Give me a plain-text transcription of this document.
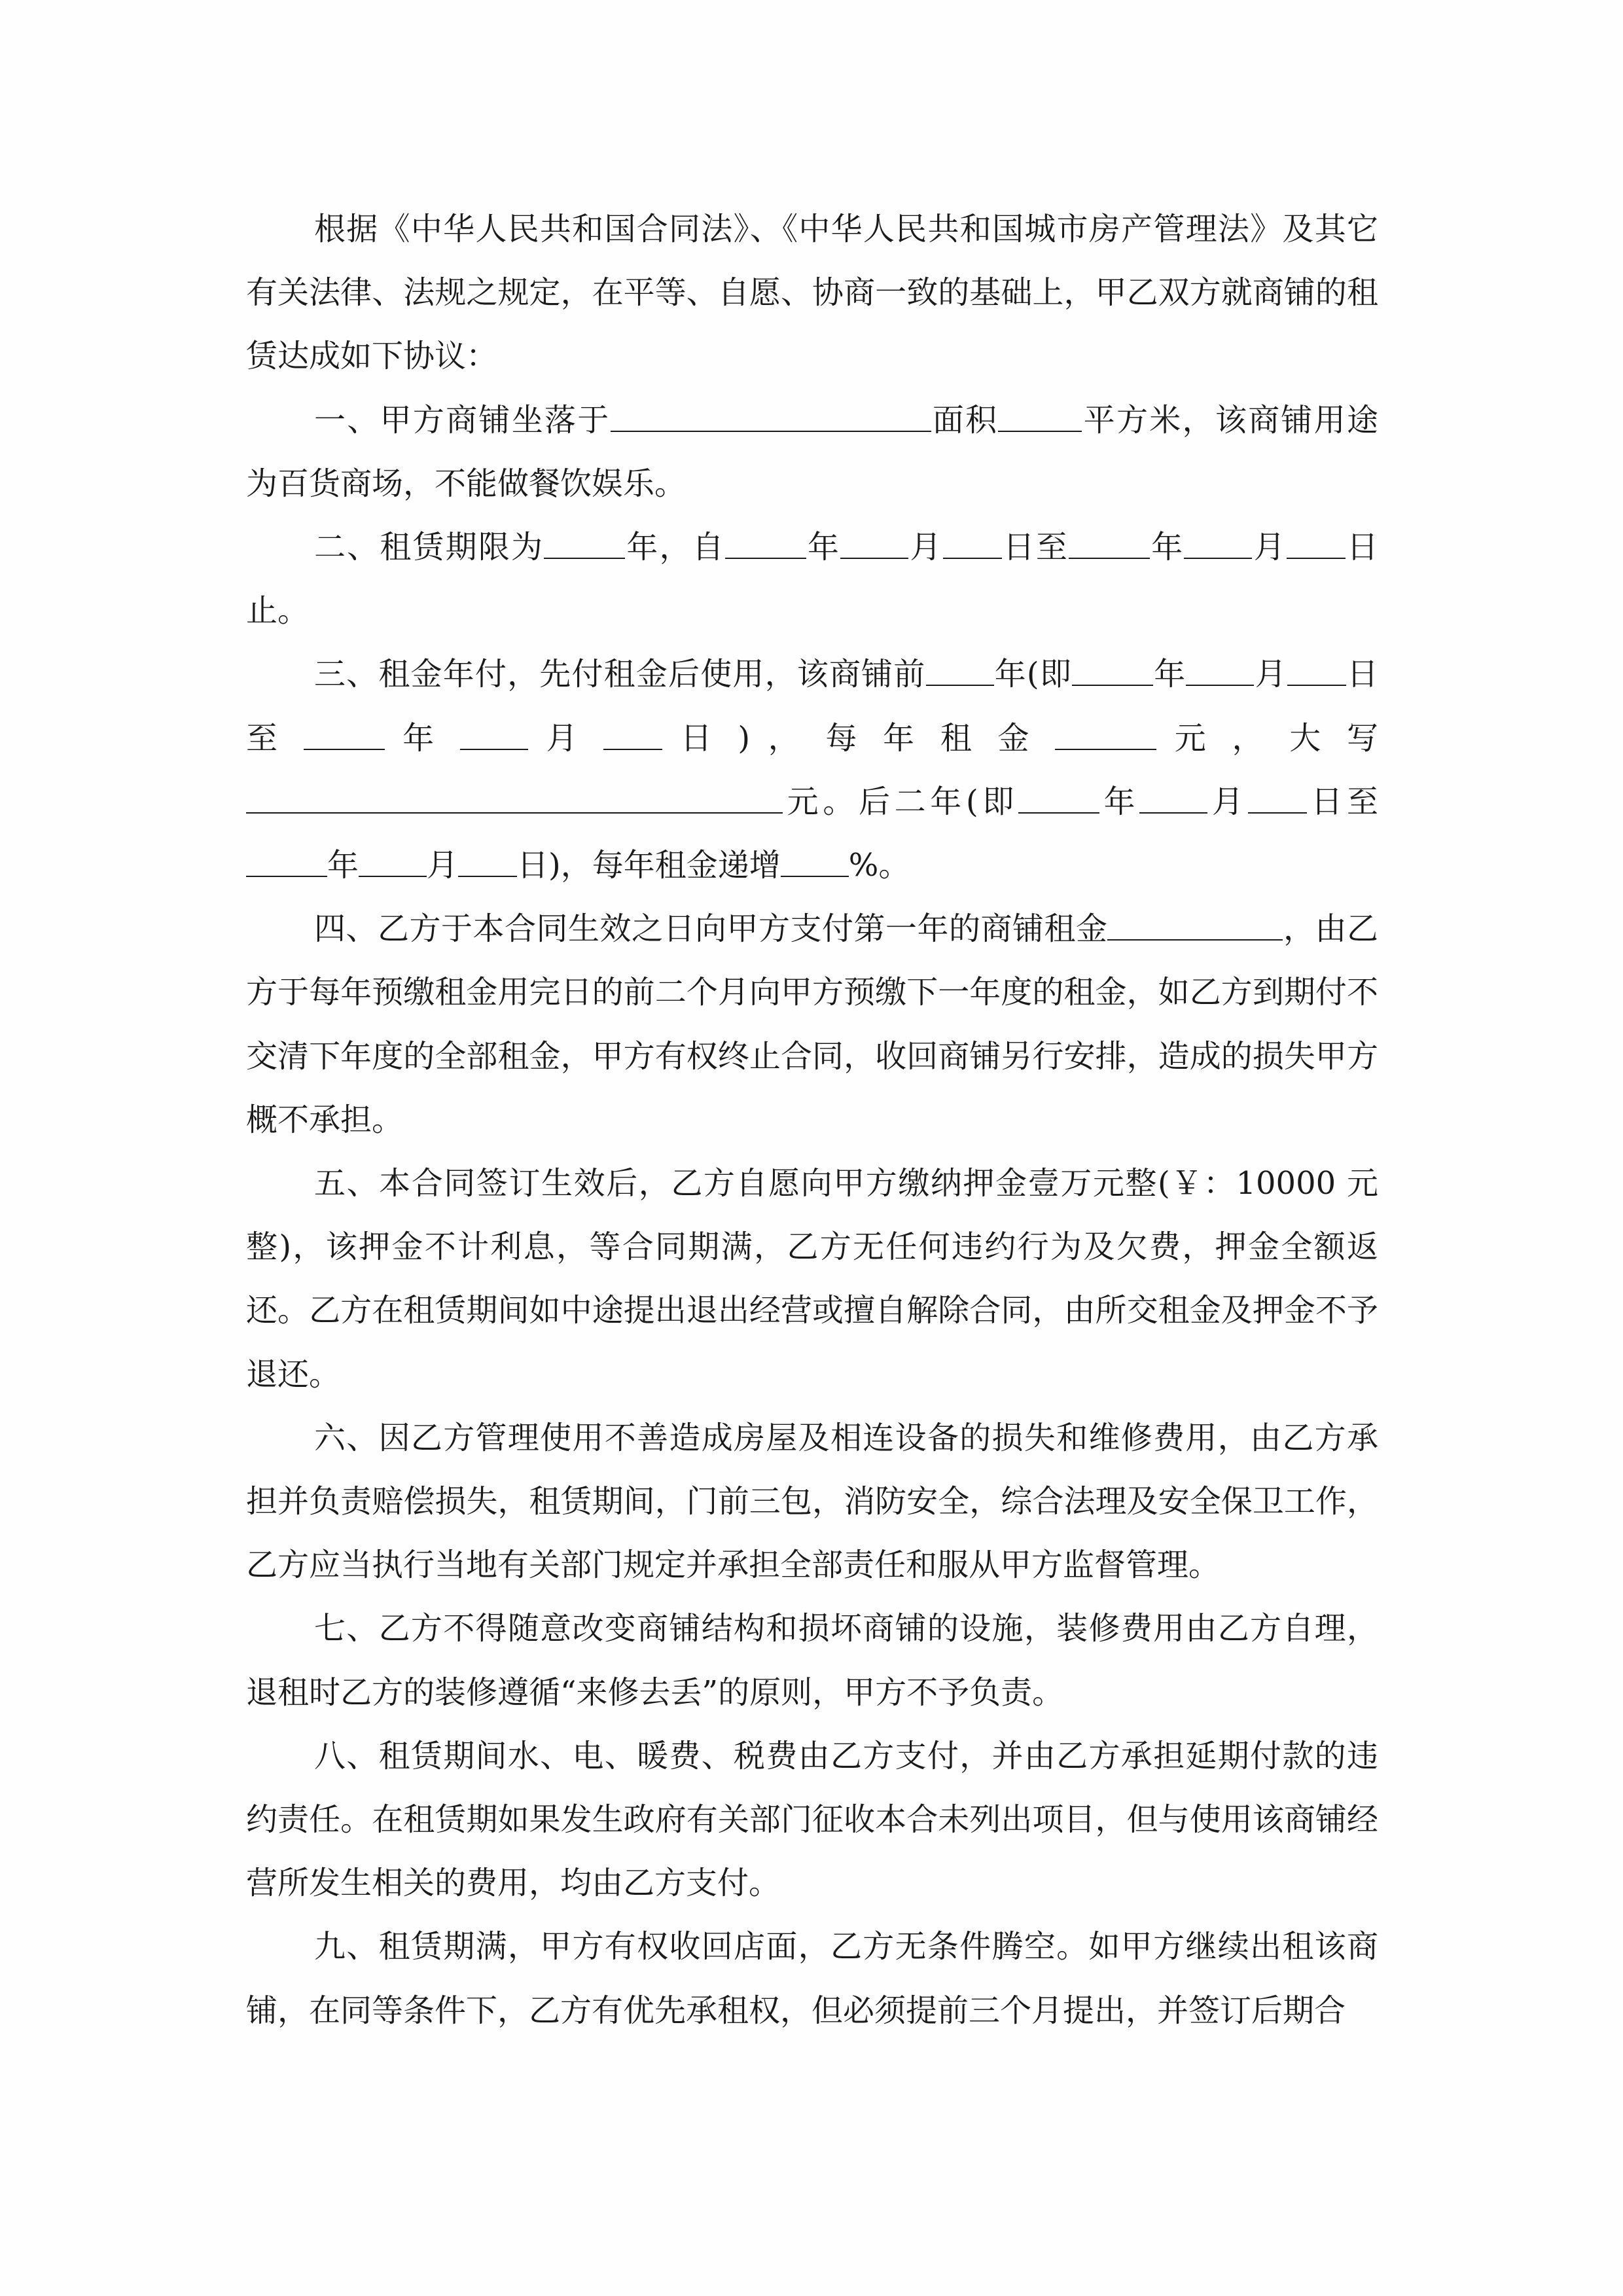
根据《中华人民共和国合同法》、《中华人民共和国城市房产管理法》及其它有关法律、法规之规定，在平等、自愿、协商一致的基础上，甲乙双方就商铺的租赁达成如下协议：

一、甲方商铺坐落于	面积	平方米，该商铺用途为百货商场，不能做餐饮娱乐。

二、租赁期限为	年，自	年 月 日至	年 月 日止。

三、租金年付，先付租金后使用，该商铺前 年(即	年 月 日 至	年  月  日 ) ， 每 年 租 金	元 ， 大 写 元。后二年(即	年 月 日至年 月 日)，每年租金递增 %。

四、乙方于本合同生效之日向甲方支付第一年的商铺租金	，由乙方于每年预缴租金用完日的前二个月向甲方预缴下一年度的租金，如乙方到期付不交清下年度的全部租金，甲方有权终止合同，收回商铺另行安排，造成的损失甲方概不承担。

五、本合同签订生效后，乙方自愿向甲方缴纳押金壹万元整(￥：10000 元整)，该押金不计利息，等合同期满，乙方无任何违约行为及欠费，押金全额返还。乙方在租赁期间如中途提出退出经营或擅自解除合同，由所交租金及押金不予退还。

六、因乙方管理使用不善造成房屋及相连设备的损失和维修费用，由乙方承担并负责赔偿损失，租赁期间，门前三包，消防安全，综合法理及安全保卫工作，乙方应当执行当地有关部门规定并承担全部责任和服从甲方监督管理。

七、乙方不得随意改变商铺结构和损坏商铺的设施，装修费用由乙方自理，退租时乙方的装修遵循“来修去丢”的原则，甲方不予负责。

八、租赁期间水、电、暖费、税费由乙方支付，并由乙方承担延期付款的违约责任。在租赁期如果发生政府有关部门征收本合未列出项目，但与使用该商铺经营所发生相关的费用，均由乙方支付。

九、租赁期满，甲方有权收回店面，乙方无条件腾空。如甲方继续出租该商铺，在同等条件下，乙方有优先承租权，但必须提前三个月提出，并签订后期合
